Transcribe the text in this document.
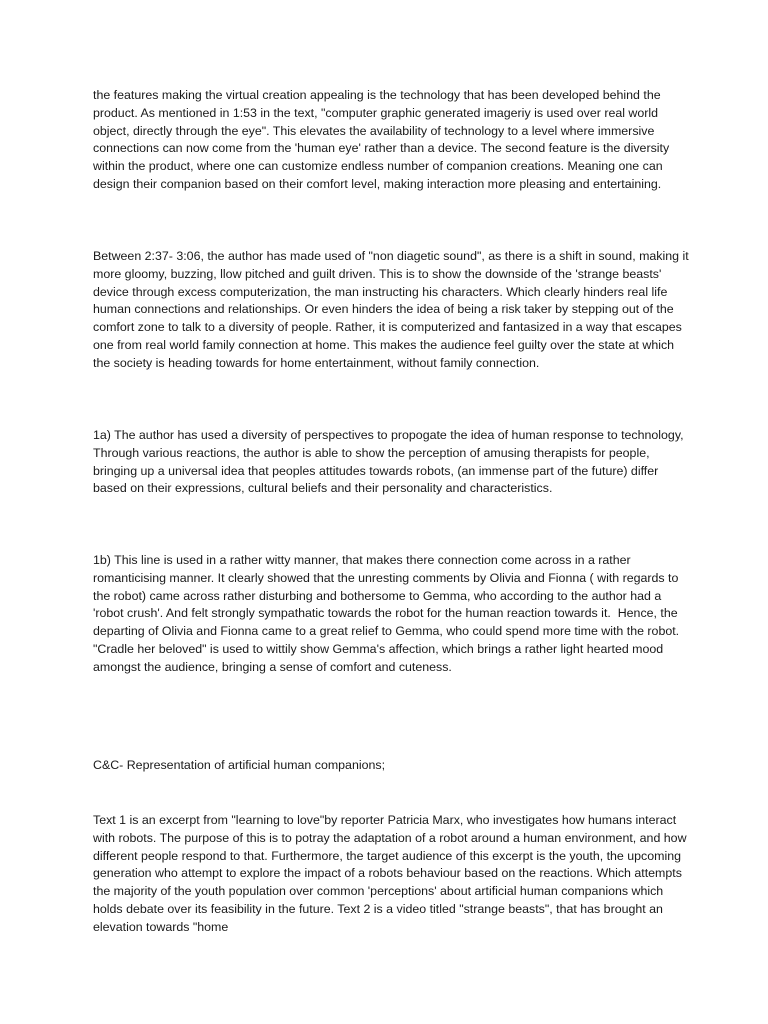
the features making the virtual creation appealing is the technology that has been developed behind the product. As mentioned in 1:53 in the text, "computer graphic generated imageriy is used over real world object, directly through the eye". This elevates the availability of technology to a level where immersive connections can now come from the 'human eye' rather than a device. The second feature is the diversity within the product, where one can customize endless number of companion creations. Meaning one can design their companion based on their comfort level, making interaction more pleasing and entertaining.

Between 2:37- 3:06, the author has made used of "non diagetic sound", as there is a shift in sound, making it more gloomy, buzzing, llow pitched and guilt driven. This is to show the downside of the 'strange beasts' device through excess computerization, the man instructing his characters. Which clearly hinders real life human connections and relationships. Or even hinders the idea of being a risk taker by stepping out of the comfort zone to talk to a diversity of people. Rather, it is computerized and fantasized in a way that escapes one from real world family connection at home. This makes the audience feel guilty over the state at which the society is heading towards for home entertainment, without family connection.

1a) The author has used a diversity of perspectives to propogate the idea of human response to technology, Through various reactions, the author is able to show the perception of amusing therapists for people, bringing up a universal idea that peoples attitudes towards robots, (an immense part of the future) differ based on their expressions, cultural beliefs and their personality and characteristics.

1b) This line is used in a rather witty manner, that makes there connection come across in a rather romanticising manner. It clearly showed that the unresting comments by Olivia and Fionna ( with regards to the robot) came across rather disturbing and bothersome to Gemma, who according to the author had a 'robot crush'. And felt strongly sympathatic towards the robot for the human reaction towards it.  Hence, the departing of Olivia and Fionna came to a great relief to Gemma, who could spend more time with the robot. "Cradle her beloved" is used to wittily show Gemma's affection, which brings a rather light hearted mood amongst the audience, bringing a sense of comfort and cuteness.

C&C- Representation of artificial human companions;

Text 1 is an excerpt from "learning to love"by reporter Patricia Marx, who investigates how humans interact with robots. The purpose of this is to potray the adaptation of a robot around a human environment, and how different people respond to that. Furthermore, the target audience of this excerpt is the youth, the upcoming generation who attempt to explore the impact of a robots behaviour based on the reactions. Which attempts the majority of the youth population over common 'perceptions' about artificial human companions which holds debate over its feasibility in the future. Text 2 is a video titled "strange beasts", that has brought an elevation towards "home
